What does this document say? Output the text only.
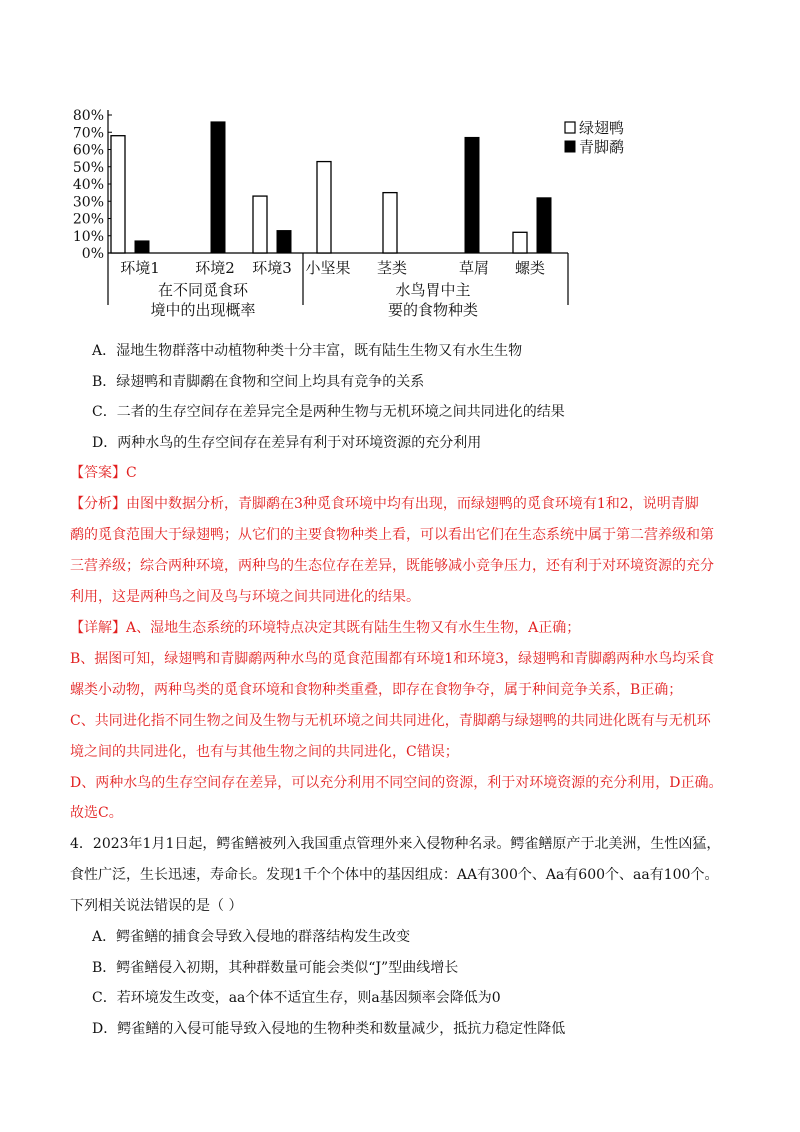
80%
70%
60%
50%
40%
30%
20%
10%
0%
环境1 环境2 环境3 小坚果 茎类	草屑 螺类
绿翅鸭
青脚鹬
在不同觅食环
境中的出现概率
水鸟胃中主
要的食物种类
A．湿地生物群落中动植物种类十分丰富，既有陆生生物又有水生生物
B．绿翅鸭和青脚鹬在食物和空间上均具有竞争的关系
C．二者的生存空间存在差异完全是两种生物与无机环境之间共同进化的结果
D．两种水鸟的生存空间存在差异有利于对环境资源的充分利用
【答案】C
【分析】由图中数据分析，青脚鹬在3种觅食环境中均有出现，而绿翅鸭的觅食环境有1和2，说明青脚
鹬的觅食范围大于绿翅鸭；从它们的主要食物种类上看，可以看出它们在生态系统中属于第二营养级和第
三营养级；综合两种环境，两种鸟的生态位存在差异，既能够减小竞争压力，还有利于对环境资源的充分
利用，这是两种鸟之间及鸟与环境之间共同进化的结果。
【详解】A、湿地生态系统的环境特点决定其既有陆生生物又有水生生物，A正确；
B、据图可知，绿翅鸭和青脚鹬两种水鸟的觅食范围都有环境1和环境3，绿翅鸭和青脚鹬两种水鸟均采食
螺类小动物，两种鸟类的觅食环境和食物种类重叠，即存在食物争夺，属于种间竞争关系，B正确；
C、共同进化指不同生物之间及生物与无机环境之间共同进化，青脚鹬与绿翅鸭的共同进化既有与无机环
境之间的共同进化，也有与其他生物之间的共同进化，C错误；
D、两种水鸟的生存空间存在差异，可以充分利用不同空间的资源，利于对环境资源的充分利用，D正确。
故选C。
4．2023年1月1日起，鳄雀鳝被列入我国重点管理外来入侵物种名录。鳄雀鳝原产于北美洲，生性凶猛，
食性广泛，生长迅速，寿命长。发现1千个个体中的基因组成：AA有300个、Aa有600个、aa有100个。
下列相关说法错误的是（ ）
A．鳄雀鳝的捕食会导致入侵地的群落结构发生改变
B．鳄雀鳝侵入初期，其种群数量可能会类似“J”型曲线增长
C．若环境发生改变，aa个体不适宜生存，则a基因频率会降低为0
D．鳄雀鳝的入侵可能导致入侵地的生物种类和数量减少，抵抗力稳定性降低
